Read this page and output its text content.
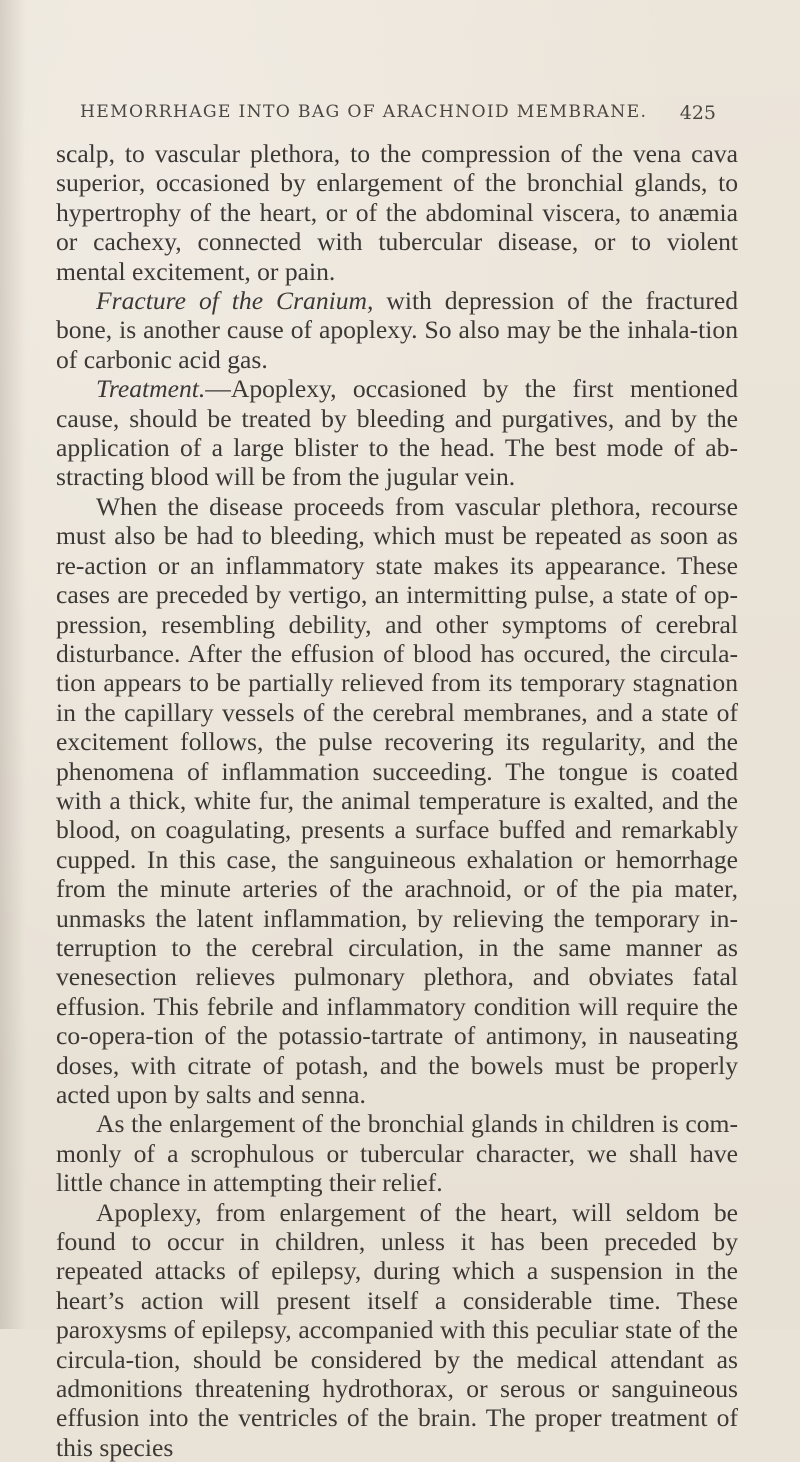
HEMORRHAGE INTO BAG OF ARACHNOID MEMBRANE. 425

scalp, to vascular plethora, to the compression of the vena cava superior, occasioned by enlargement of the bronchial glands, to hypertrophy of the heart, or of the abdominal viscera, to anæmia or cachexy, connected with tubercular disease, or to violent mental excitement, or pain.

Fracture of the Cranium, with depression of the fractured bone, is another cause of apoplexy. So also may be the inhala-tion of carbonic acid gas.

Treatment.—Apoplexy, occasioned by the first mentioned cause, should be treated by bleeding and purgatives, and by the application of a large blister to the head. The best mode of ab-stracting blood will be from the jugular vein.

When the disease proceeds from vascular plethora, recourse must also be had to bleeding, which must be repeated as soon as re-action or an inflammatory state makes its appearance. These cases are preceded by vertigo, an intermitting pulse, a state of op-pression, resembling debility, and other symptoms of cerebral disturbance. After the effusion of blood has occured, the circula-tion appears to be partially relieved from its temporary stagnation in the capillary vessels of the cerebral membranes, and a state of excitement follows, the pulse recovering its regularity, and the phenomena of inflammation succeeding. The tongue is coated with a thick, white fur, the animal temperature is exalted, and the blood, on coagulating, presents a surface buffed and remarkably cupped. In this case, the sanguineous exhalation or hemorrhage from the minute arteries of the arachnoid, or of the pia mater, unmasks the latent inflammation, by relieving the temporary in-terruption to the cerebral circulation, in the same manner as venesection relieves pulmonary plethora, and obviates fatal effusion. This febrile and inflammatory condition will require the co-opera-tion of the potassio-tartrate of antimony, in nauseating doses, with citrate of potash, and the bowels must be properly acted upon by salts and senna.

As the enlargement of the bronchial glands in children is com-monly of a scrophulous or tubercular character, we shall have little chance in attempting their relief.

Apoplexy, from enlargement of the heart, will seldom be found to occur in children, unless it has been preceded by repeated attacks of epilepsy, during which a suspension in the heart’s action will present itself a considerable time. These paroxysms of epilepsy, accompanied with this peculiar state of the circula-tion, should be considered by the medical attendant as admonitions threatening hydrothorax, or serous or sanguineous effusion into the ventricles of the brain. The proper treatment of this species
